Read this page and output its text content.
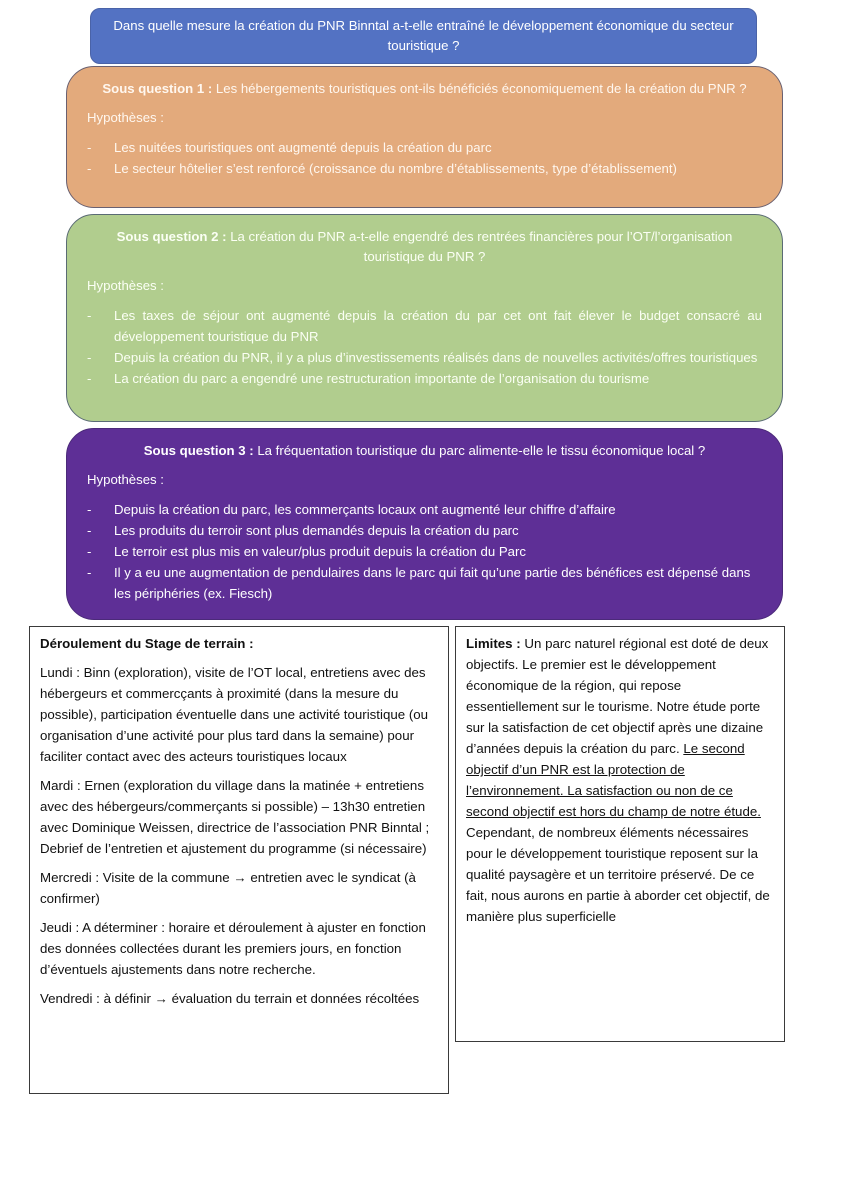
Dans quelle mesure la création du PNR Binntal a-t-elle entraîné le développement économique du secteur touristique ?

Sous question 1 : Les hébergements touristiques ont-ils bénéficiés économiquement de la création du PNR ?

Hypothèses :

- Les nuitées touristiques ont augmenté depuis la création du parc
- Le secteur hôtelier s’est renforcé (croissance du nombre d’établissements, type d’établissement)

Sous question 2 : La création du PNR a-t-elle engendré des rentrées financières pour l’OT/l’organisation touristique du PNR ?

Hypothèses :

- Les taxes de séjour ont augmenté depuis la création du par cet ont fait élever le budget consacré au développement touristique du PNR
- Depuis la création du PNR, il y a plus d’investissements réalisés dans de nouvelles activités/offres touristiques
- La création du parc a engendré une restructuration importante de l’organisation du tourisme

Sous question 3 : La fréquentation touristique du parc alimente-elle le tissu économique local ?

Hypothèses :

- Depuis la création du parc, les commerçants locaux ont augmenté leur chiffre d’affaire
- Les produits du terroir sont plus demandés depuis la création du parc
- Le terroir est plus mis en valeur/plus produit depuis la création du Parc
- Il y a eu une augmentation de pendulaires dans le parc qui fait qu’une partie des bénéfices est dépensé dans les périphéries (ex. Fiesch)

Déroulement du Stage de terrain :

Lundi : Binn (exploration), visite de l’OT local, entretiens avec des hébergeurs et commercçants à proximité (dans la mesure du possible), participation éventuelle dans une activité touristique (ou organisation d’une activité pour plus tard dans la semaine) pour faciliter contact avec des acteurs touristiques locaux

Mardi : Ernen (exploration du village dans la matinée + entretiens avec des hébergeurs/commerçants si possible) – 13h30 entretien avec Dominique Weissen, directrice de l’association PNR Binntal ; Debrief de l’entretien et ajustement du programme (si nécessaire)

Mercredi : Visite de la commune → entretien avec le syndicat (à confirmer)

Jeudi : A déterminer : horaire et déroulement à ajuster en fonction des données collectées durant les premiers jours, en fonction d’éventuels ajustements dans notre recherche.

Vendredi : à définir → évaluation du terrain et données récoltées

Limites : Un parc naturel régional est doté de deux objectifs. Le premier est le développement économique de la région, qui repose essentiellement sur le tourisme. Notre étude porte sur la satisfaction de cet objectif après une dizaine d’années depuis la création du parc. Le second objectif d’un PNR est la protection de l’environnement. La satisfaction ou non de ce second objectif est hors du champ de notre étude. Cependant, de nombreux éléments nécessaires pour le développement touristique reposent sur la qualité paysagère et un territoire préservé. De ce fait, nous aurons en partie à aborder cet objectif, de manière plus superficielle
